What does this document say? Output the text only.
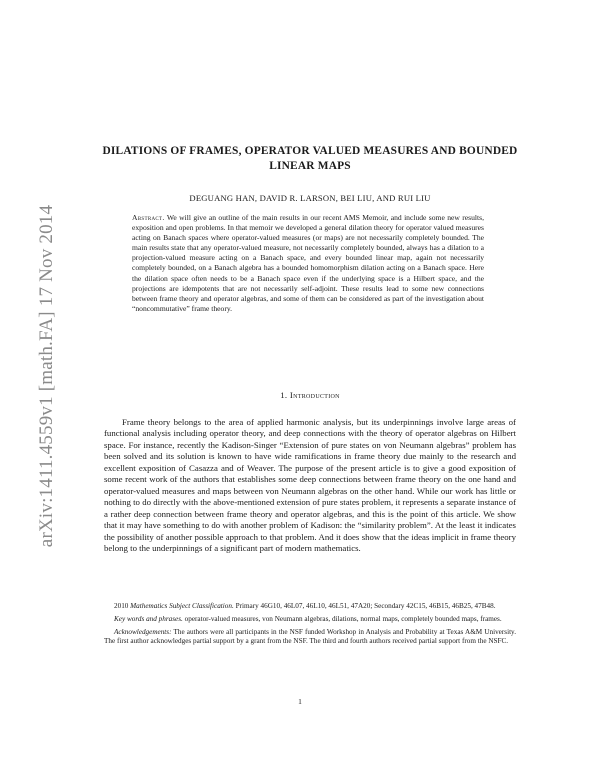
arXiv:1411.4559v1 [math.FA] 17 Nov 2014
DILATIONS OF FRAMES, OPERATOR VALUED MEASURES AND BOUNDED LINEAR MAPS
DEGUANG HAN, DAVID R. LARSON, BEI LIU, AND RUI LIU
Abstract. We will give an outline of the main results in our recent AMS Memoir, and include some new results, exposition and open problems. In that memoir we developed a general dilation theory for operator valued measures acting on Banach spaces where operator-valued measures (or maps) are not necessarily completely bounded. The main results state that any operator-valued measure, not necessarily completely bounded, always has a dilation to a projection-valued measure acting on a Banach space, and every bounded linear map, again not necessarily completely bounded, on a Banach algebra has a bounded homomorphism dilation acting on a Banach space. Here the dilation space often needs to be a Banach space even if the underlying space is a Hilbert space, and the projections are idempotents that are not necessarily self-adjoint. These results lead to some new connections between frame theory and operator algebras, and some of them can be considered as part of the investigation about “noncommutative” frame theory.
1. Introduction

Frame theory belongs to the area of applied harmonic analysis, but its underpinnings involve large areas of functional analysis including operator theory, and deep connections with the theory of operator algebras on Hilbert space. For instance, recently the Kadison-Singer “Extension of pure states on von Neumann algebras” problem has been solved and its solution is known to have wide ramifications in frame theory due mainly to the research and excellent exposition of Casazza and of Weaver. The purpose of the present article is to give a good exposition of some recent work of the authors that establishes some deep connections between frame theory on the one hand and operator-valued measures and maps between von Neumann algebras on the other hand. While our work has little or nothing to do directly with the above-mentioned extension of pure states problem, it represents a separate instance of a rather deep connection between frame theory and operator algebras, and this is the point of this article. We show that it may have something to do with another problem of Kadison: the “similarity problem”. At the least it indicates the possibility of another possible approach to that problem. And it does show that the ideas implicit in frame theory belong to the underpinnings of a significant part of modern mathematics.

2010 Mathematics Subject Classification. Primary 46G10, 46L07, 46L10, 46L51, 47A20; Secondary 42C15, 46B15, 46B25, 47B48.

Key words and phrases. operator-valued measures, von Neumann algebras, dilations, normal maps, completely bounded maps, frames.

Acknowledgements: The authors were all participants in the NSF funded Workshop in Analysis and Probability at Texas A&M University. The first author acknowledges partial support by a grant from the NSF. The third and fourth authors received partial support from the NSFC.

1
